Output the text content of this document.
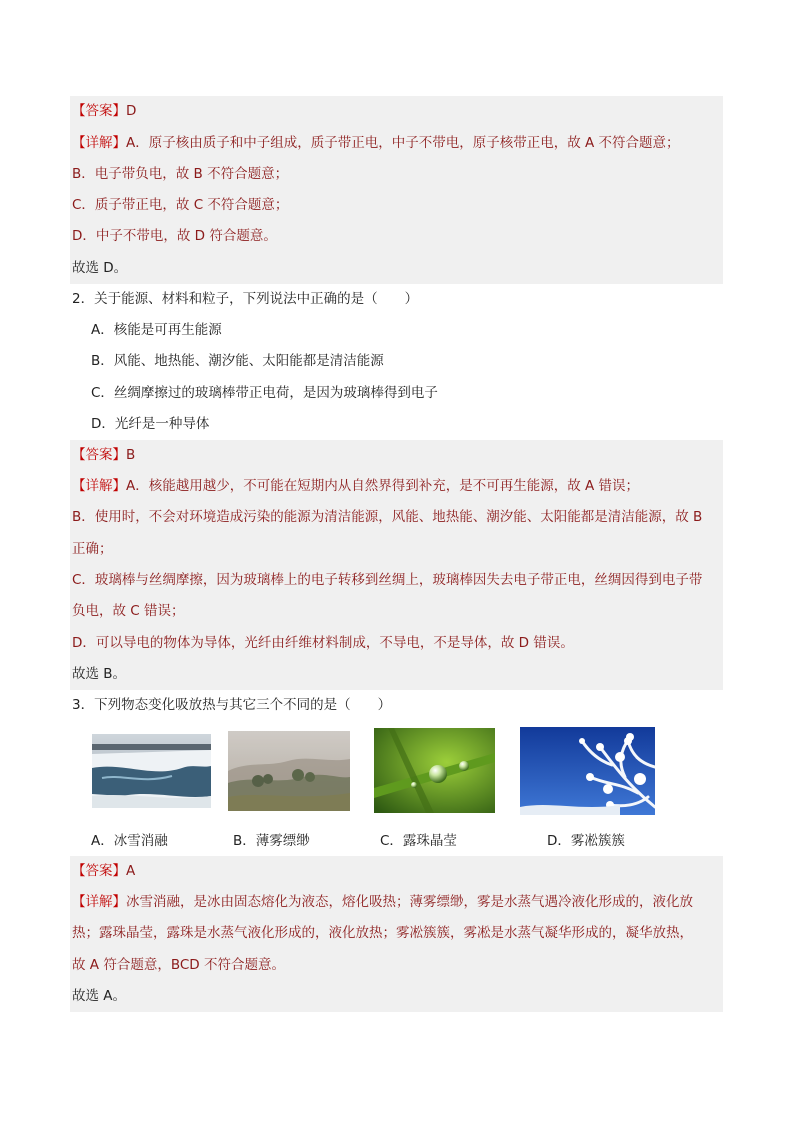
【答案】D
【详解】A．原子核由质子和中子组成，质子带正电，中子不带电，原子核带正电，故 A 不符合题意；
B．电子带负电，故 B 不符合题意；
C．质子带正电，故 C 不符合题意；
D．中子不带电，故 D 符合题意。
故选 D。
2．关于能源、材料和粒子，下列说法中正确的是（　　）
A．核能是可再生能源
B．风能、地热能、潮汐能、太阳能都是清洁能源
C．丝绸摩擦过的玻璃棒带正电荷，是因为玻璃棒得到电子
D．光纤是一种导体
【答案】B
【详解】A．核能越用越少，不可能在短期内从自然界得到补充，是不可再生能源，故 A 错误；
B．使用时，不会对环境造成污染的能源为清洁能源，风能、地热能、潮汐能、太阳能都是清洁能源，故 B
正确；
C．玻璃棒与丝绸摩擦，因为玻璃棒上的电子转移到丝绸上，玻璃棒因失去电子带正电，丝绸因得到电子带
负电，故 C 错误；
D．可以导电的物体为导体，光纤由纤维材料制成，不导电，不是导体，故 D 错误。
故选 B。
3．下列物态变化吸放热与其它三个不同的是（　　）
A．冰雪消融	B．薄雾缥缈	C．露珠晶莹	D．雾凇簇簇
【答案】A
【详解】冰雪消融，是冰由固态熔化为液态，熔化吸热；薄雾缥缈，雾是水蒸气遇冷液化形成的，液化放
热；露珠晶莹，露珠是水蒸气液化形成的，液化放热；雾凇簇簇，雾凇是水蒸气凝华形成的，凝华放热，
故 A 符合题意，BCD 不符合题意。
故选 A。
